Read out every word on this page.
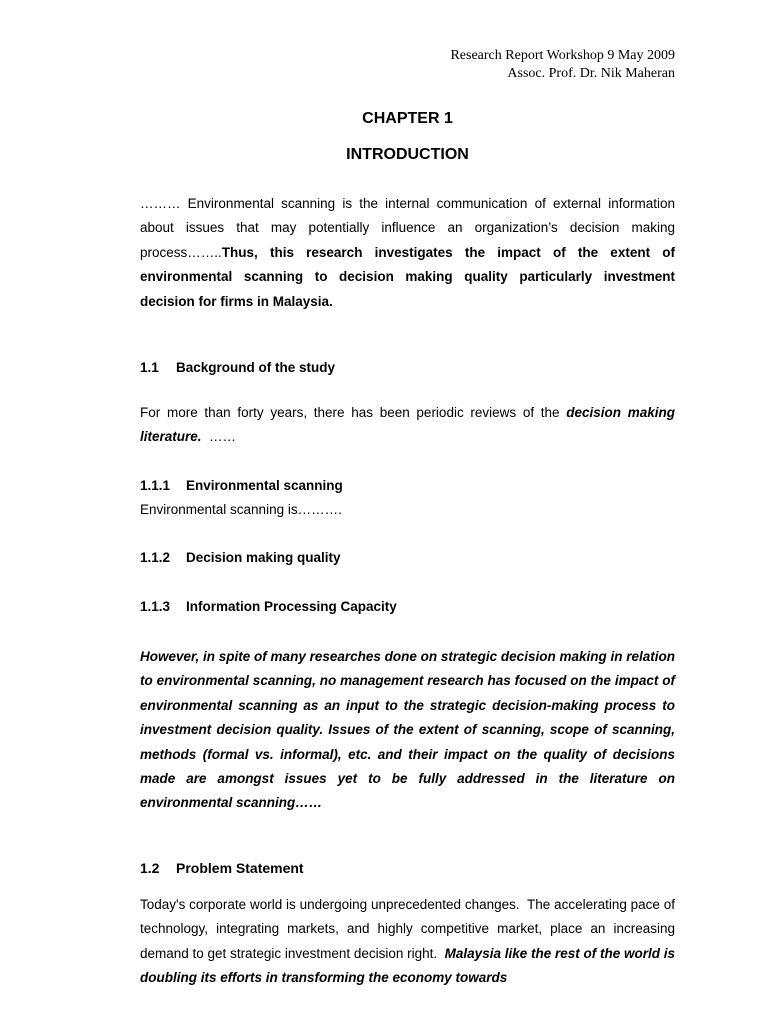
Research Report Workshop 9 May 2009
Assoc. Prof. Dr. Nik Maheran
CHAPTER 1
INTRODUCTION
……… Environmental scanning is the internal communication of external information about issues that may potentially influence an organization’s decision making process……..Thus, this research investigates the impact of the extent of environmental scanning to decision making quality particularly investment decision for firms in Malaysia.
1.1 Background of the study
For more than forty years, there has been periodic reviews of the decision making literature.  ……
1.1.1 Environmental scanning
Environmental scanning is……….
1.1.2 Decision making quality
1.1.3 Information Processing Capacity
However, in spite of many researches done on strategic decision making in relation to environmental scanning, no management research has focused on the impact of environmental scanning as an input to the strategic decision-making process to investment decision quality. Issues of the extent of scanning, scope of scanning, methods (formal vs. informal), etc. and their impact on the quality of decisions made are amongst issues yet to be fully addressed in the literature on environmental scanning……
1.2 Problem Statement
Today's corporate world is undergoing unprecedented changes.  The accelerating pace of technology, integrating markets, and highly competitive market, place an increasing demand to get strategic investment decision right.  Malaysia like the rest of the world is doubling its efforts in transforming the economy towards
